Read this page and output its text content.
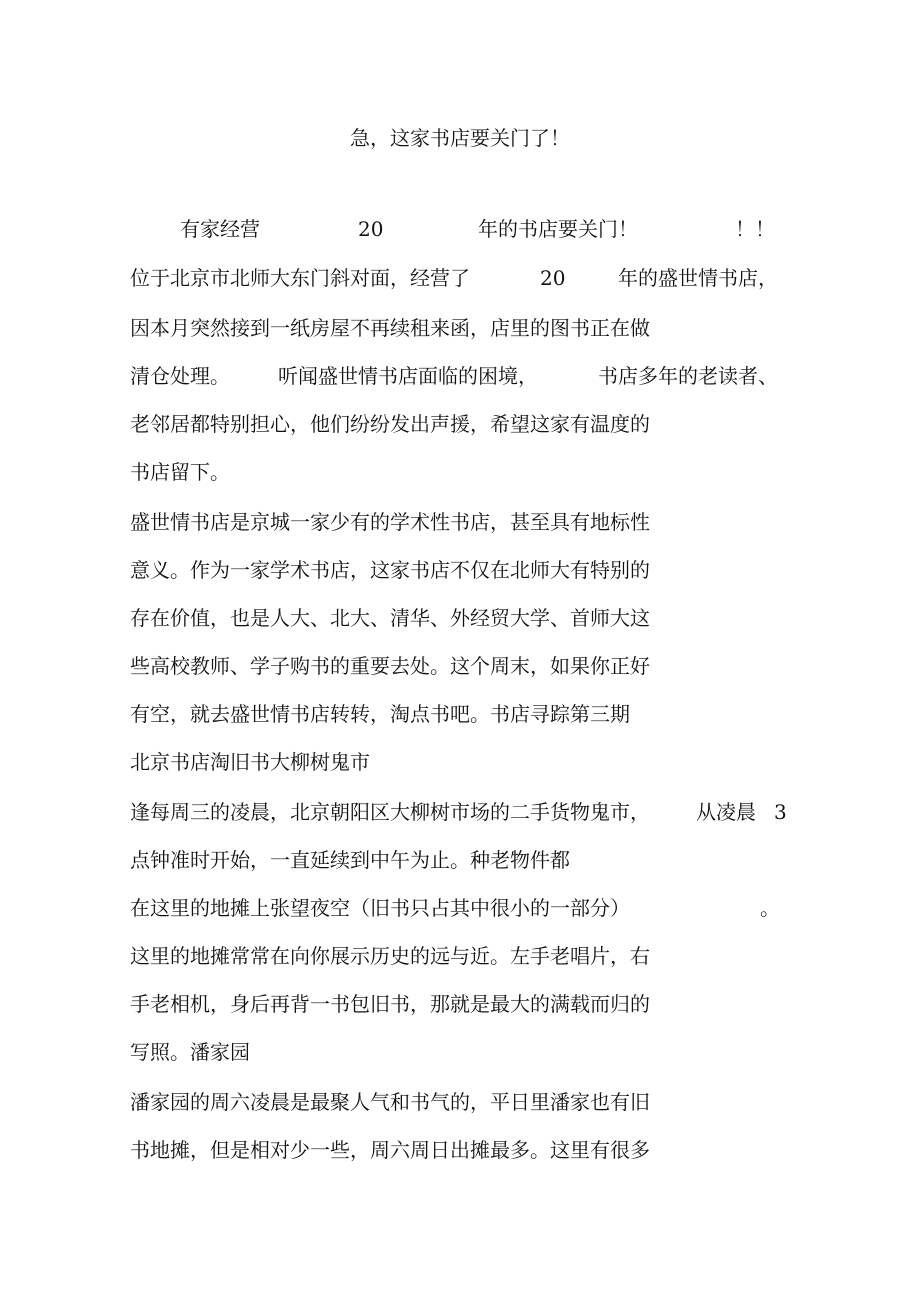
急，这家书店要关门了！
有家经营	20	年的书店要关门！	！！
位于北京市北师大东门斜对面，经营了	20	年的盛世情书店，
因本月突然接到一纸房屋不再续租来函，店里的图书正在做
清仓处理。 听闻盛世情书店面临的困境，	书店多年的老读者、
老邻居都特别担心，他们纷纷发出声援，希望这家有温度的
书店留下。
盛世情书店是京城一家少有的学术性书店，甚至具有地标性
意义。作为一家学术书店，这家书店不仅在北师大有特别的
存在价值，也是人大、北大、清华、外经贸大学、首师大这
些高校教师、学子购书的重要去处。这个周末，如果你正好
有空，就去盛世情书店转转，淘点书吧。书店寻踪第三期
北京书店淘旧书大柳树鬼市
逢每周三的凌晨，北京朝阳区大柳树市场的二手货物鬼市， 从凌晨 3
点钟准时开始，一直延续到中午为止。种老物件都
在这里的地摊上张望夜空（旧书只占其中很小的一部分）	。
这里的地摊常常在向你展示历史的远与近。左手老唱片，右
手老相机，身后再背一书包旧书，那就是最大的满载而归的
写照。潘家园
潘家园的周六凌晨是最聚人气和书气的，平日里潘家也有旧
书地摊，但是相对少一些，周六周日出摊最多。这里有很多
